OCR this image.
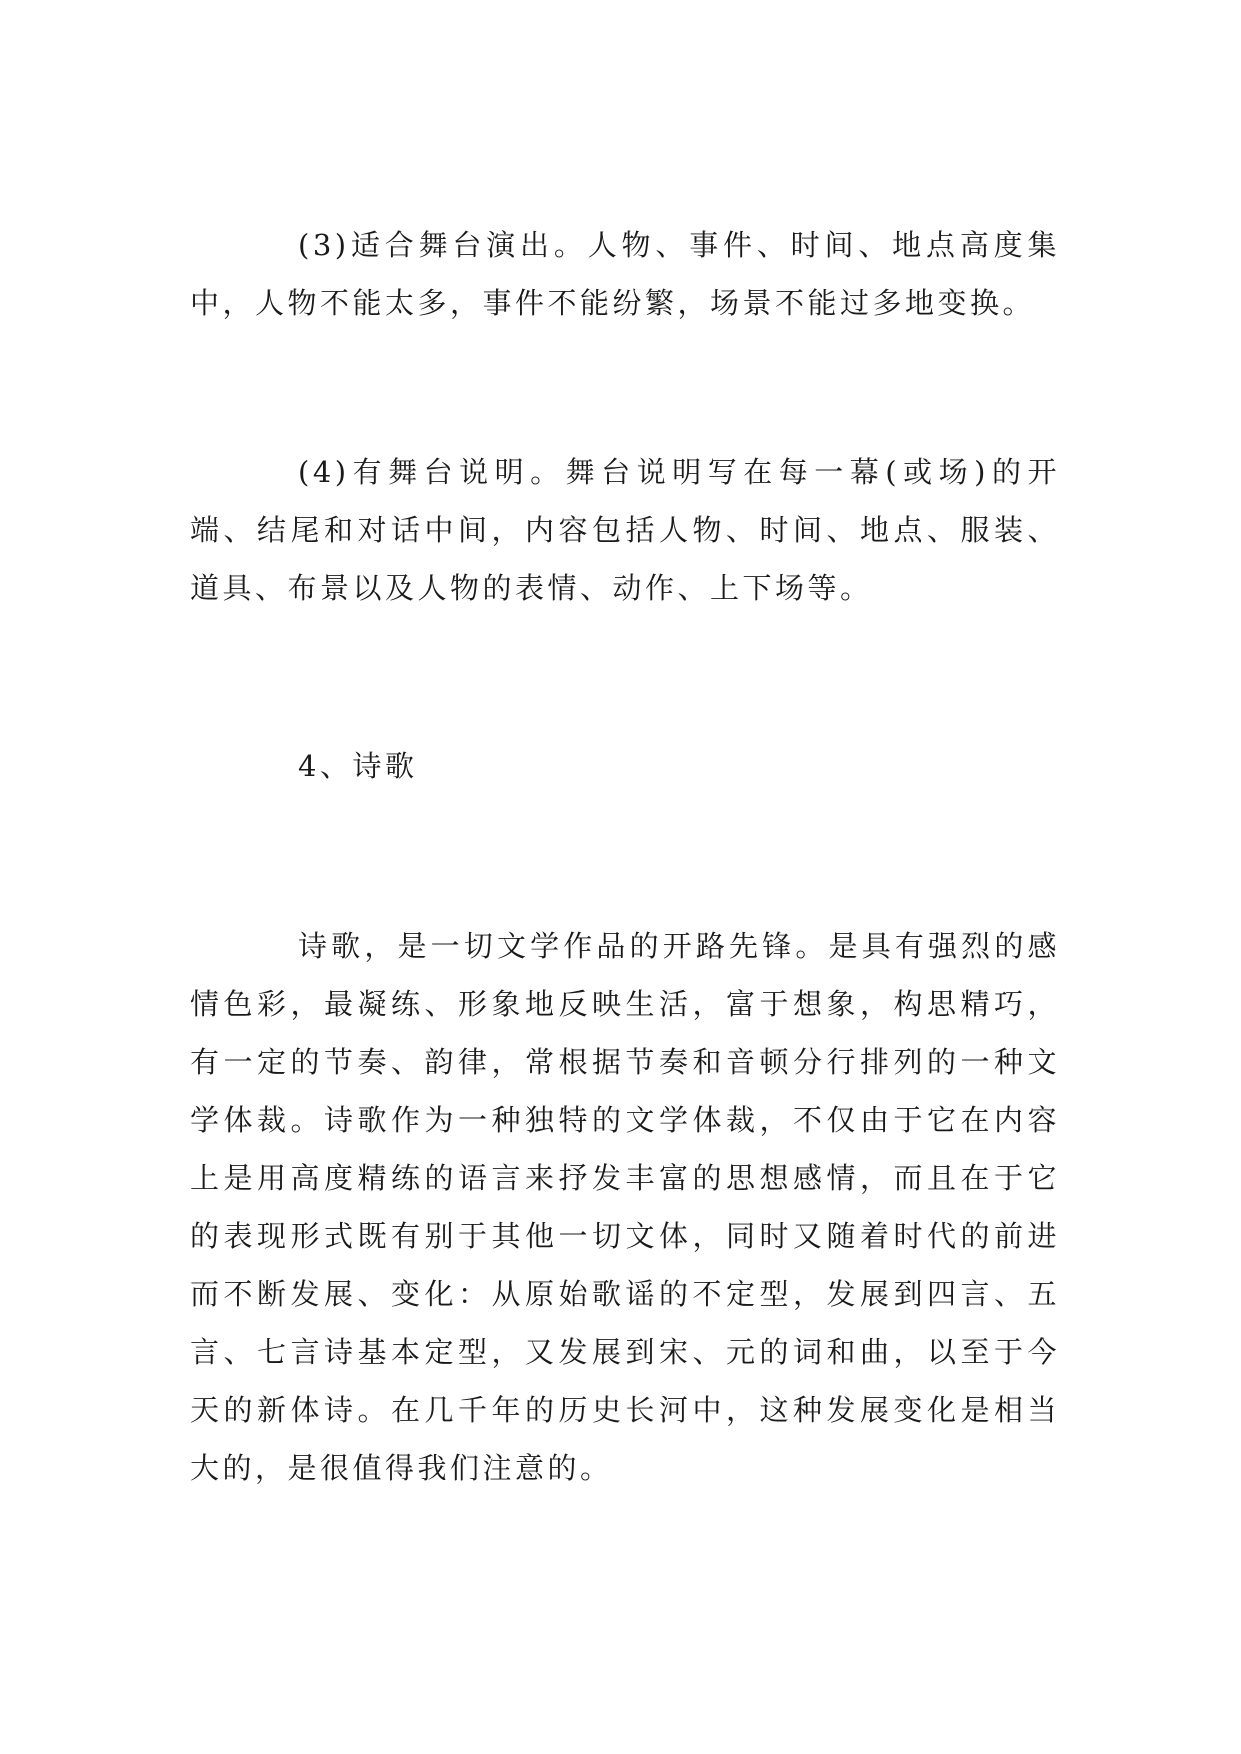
(3)适合舞台演出。人物、事件、时间、地点高度集中，人物不能太多，事件不能纷繁，场景不能过多地变换。

(4)有舞台说明。舞台说明写在每一幕(或场)的开端、结尾和对话中间，内容包括人物、时间、地点、服装、道具、布景以及人物的表情、动作、上下场等。

4、诗歌

诗歌，是一切文学作品的开路先锋。是具有强烈的感情色彩，最凝练、形象地反映生活，富于想象，构思精巧，有一定的节奏、韵律，常根据节奏和音顿分行排列的一种文学体裁。诗歌作为一种独特的文学体裁，不仅由于它在内容上是用高度精练的语言来抒发丰富的思想感情，而且在于它的表现形式既有别于其他一切文体，同时又随着时代的前进而不断发展、变化：从原始歌谣的不定型，发展到四言、五言、七言诗基本定型，又发展到宋、元的词和曲，以至于今天的新体诗。在几千年的历史长河中，这种发展变化是相当大的，是很值得我们注意的。
